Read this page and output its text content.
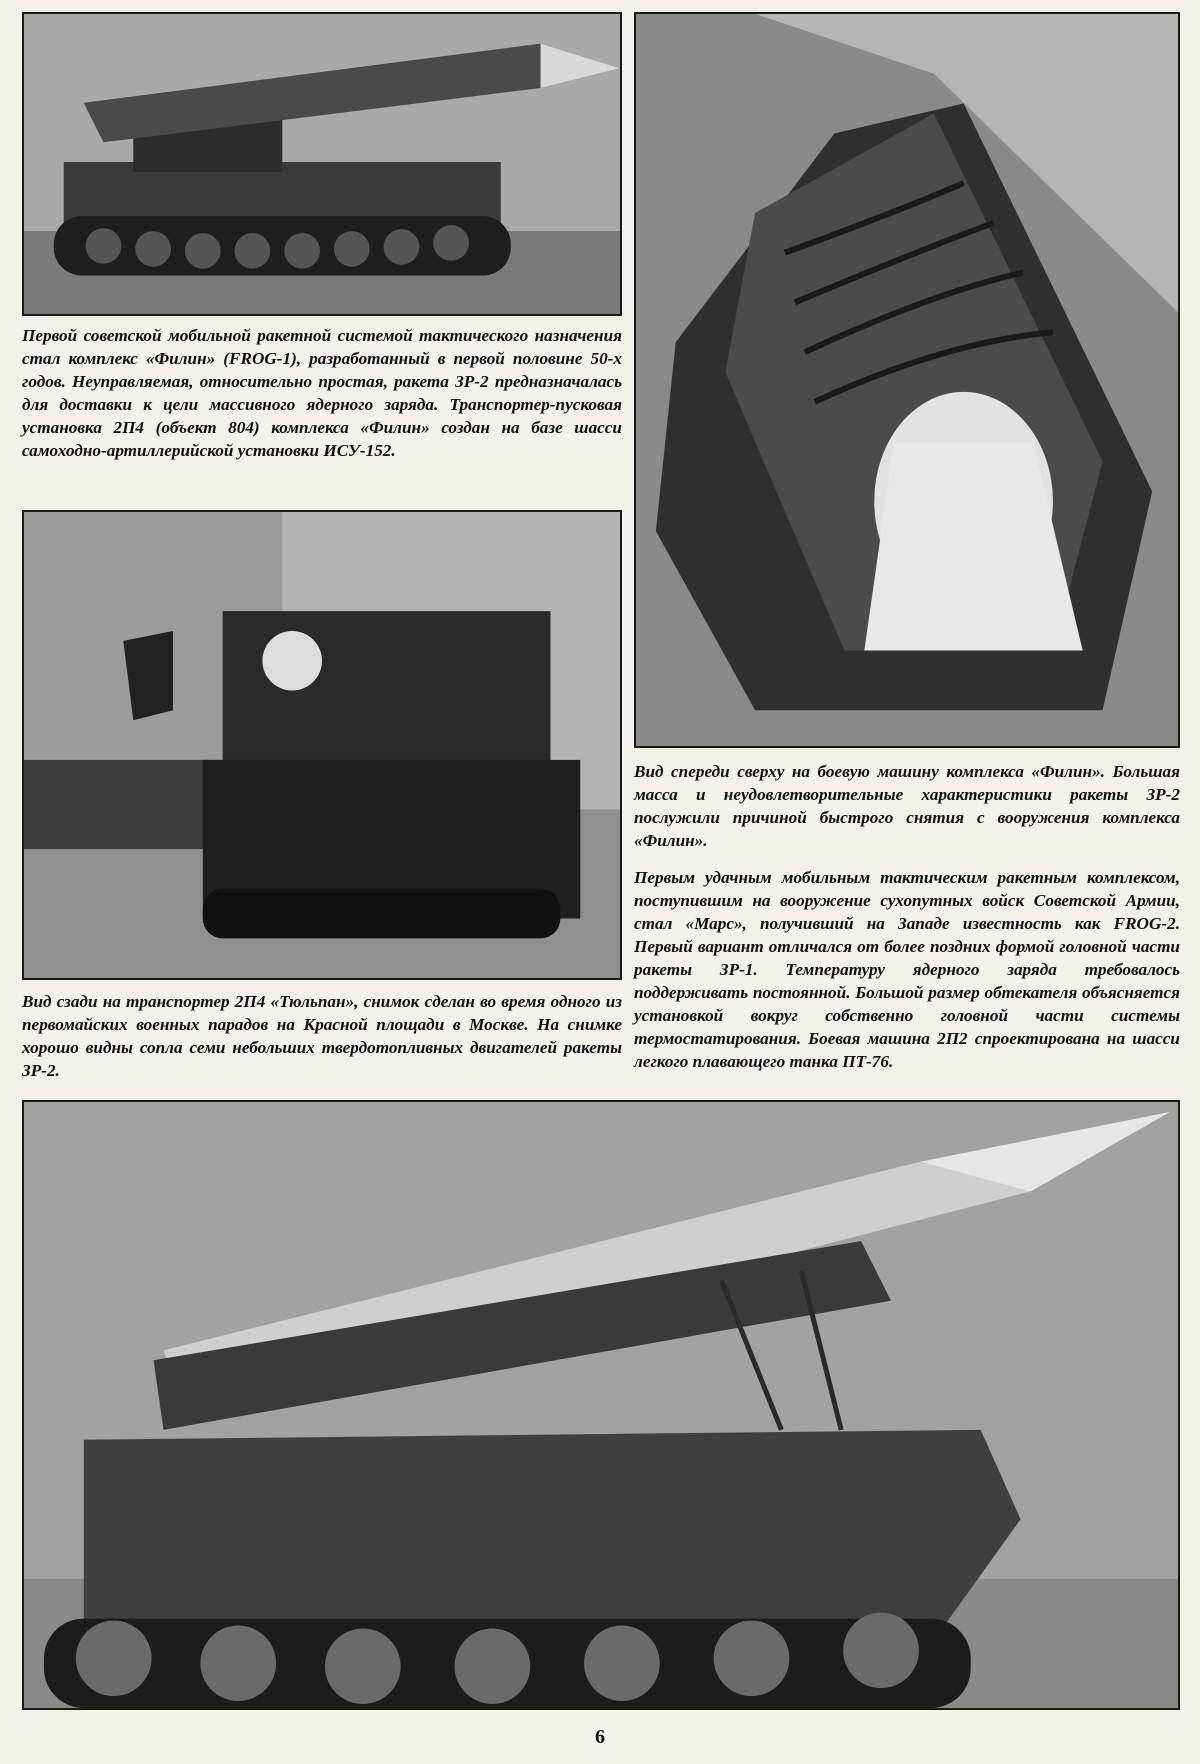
Первой советской мобильной ракетной системой тактического назначения стал комплекс «Филин» (FROG-1), разработанный в первой половине 50-х годов. Неуправляемая, относительно простая, ракета ЗР-2 предназначалась для доставки к цели массивного ядерного заряда. Транспортер-пусковая установка 2П4 (объект 804) комплекса «Филин» создан на базе шасси самоходно-артиллерийской установки ИСУ-152.

Вид спереди сверху на боевую машину комплекса «Филин». Большая масса и неудовлетворительные характеристики ракеты ЗР-2 послужили причиной быстрого снятия с вооружения комплекса «Филин».

Первым удачным мобильным тактическим ракетным комплексом, поступившим на вооружение сухопутных войск Советской Армии, стал «Марс», получивший на Западе известность как FROG-2. Первый вариант отличался от более поздних формой головной части ракеты ЗР-1. Температуру ядерного заряда требовалось поддерживать постоянной. Большой размер обтекателя объясняется установкой вокруг собственно головной части системы термостатирования. Боевая машина 2П2 спроектирована на шасси легкого плавающего танка ПТ-76.

Вид сзади на транспортер 2П4 «Тюльпан», снимок сделан во время одного из первомайских военных парадов на Красной площади в Москве. На снимке хорошо видны сопла семи небольших твердотопливных двигателей ракеты ЗР-2.

6
